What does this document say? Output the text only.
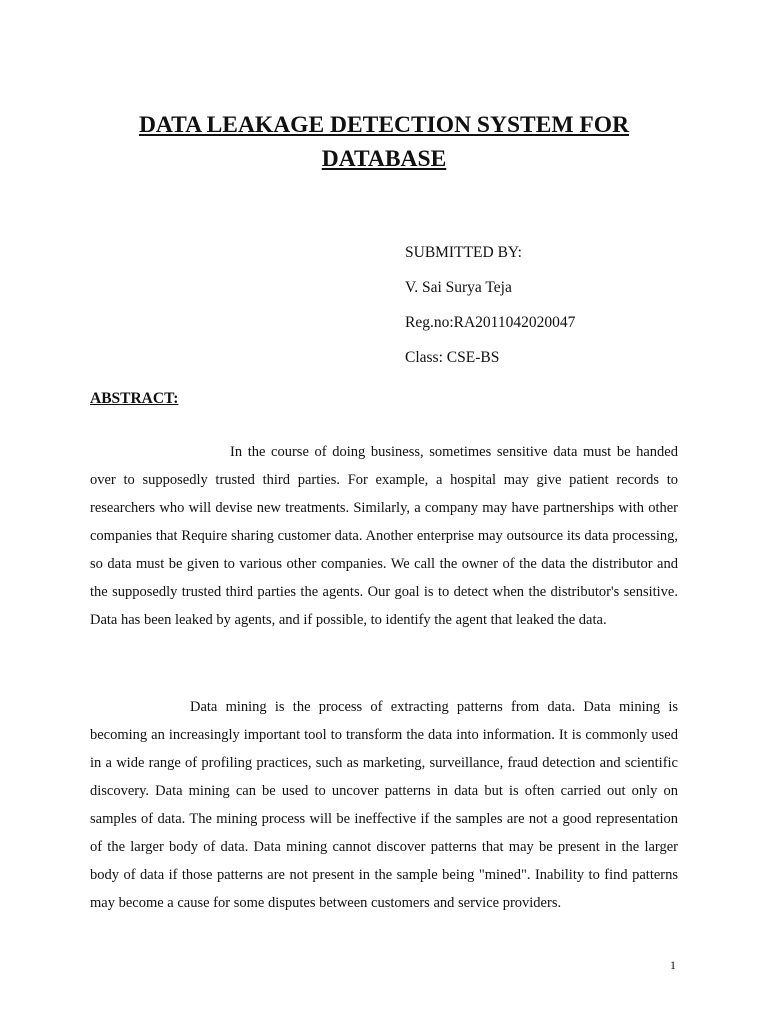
DATA LEAKAGE DETECTION SYSTEM FOR
DATABASE
SUBMITTED BY:
V. Sai Surya Teja
Reg.no:RA2011042020047
Class: CSE-BS
ABSTRACT:

In the course of doing business, sometimes sensitive data must be handed over to supposedly trusted third parties. For example, a hospital may give patient records to researchers who will devise new treatments. Similarly, a company may have partnerships with other companies that Require sharing customer data. Another enterprise may outsource its data processing, so data must be given to various other companies. We call the owner of the data the distributor and the supposedly trusted third parties the agents. Our goal is to detect when the distributor's sensitive. Data has been leaked by agents, and if possible, to identify the agent that leaked the data.

Data mining is the process of extracting patterns from data. Data mining is becoming an increasingly important tool to transform the data into information. It is commonly used in a wide range of profiling practices, such as marketing, surveillance, fraud detection and scientific discovery. Data mining can be used to uncover patterns in data but is often carried out only on samples of data. The mining process will be ineffective if the samples are not a good representation of the larger body of data. Data mining cannot discover patterns that may be present in the larger body of data if those patterns are not present in the sample being "mined". Inability to find patterns may become a cause for some disputes between customers and service providers.

1
